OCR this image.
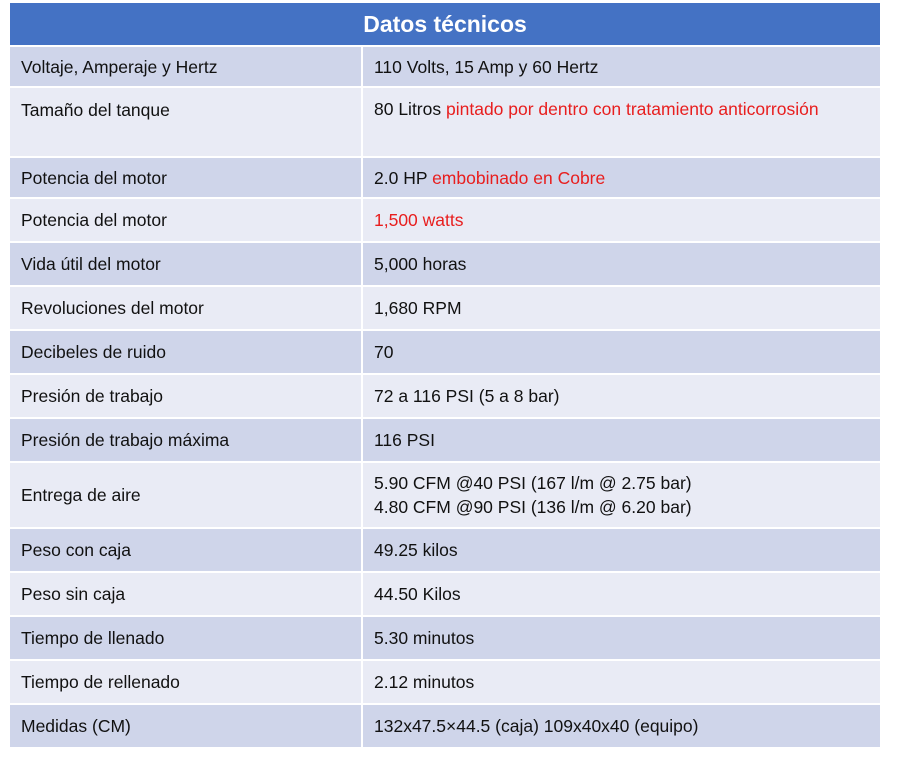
Datos técnicos	
Voltaje, Amperaje y Hertz	110 Volts, 15 Amp y 60 Hertz
Tamaño del tanque	80 Litros pintado por dentro con tratamiento anticorrosión
Potencia del motor	2.0 HP embobinado en Cobre
Potencia del motor	1,500 watts
Vida útil del motor	5,000 horas
Revoluciones del motor	1,680 RPM
Decibeles de ruido	70
Presión de trabajo	72 a 116 PSI (5 a 8 bar)
Presión de trabajo máxima	116 PSI
Entrega de aire	5.90 CFM @40 PSI (167 l/m @ 2.75 bar)
4.80 CFM @90 PSI (136 l/m @ 6.20 bar)

Peso con caja	49.25 kilos
Peso sin caja	44.50 Kilos
Tiempo de llenado	5.30 minutos
Tiempo de rellenado	2.12 minutos
Medidas (CM)	132x47.5×44.5 (caja) 109x40x40 (equipo)
